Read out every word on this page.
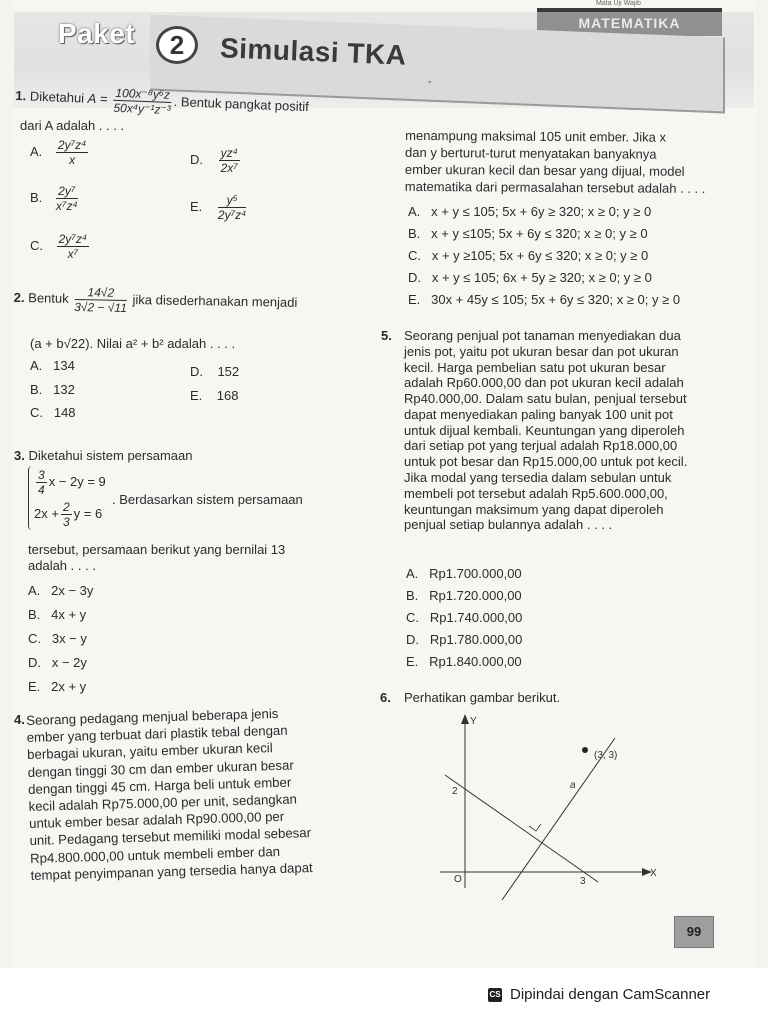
Mata Uji Wajib
Paket	2	Simulasi TKA
”
1. Diketahui $A = \frac{\text{100x⁻⁸y⁶z}}{\text{50x⁴y⁻¹z⁻³}}$ . Bentuk pangkat positif
dari A adalah . . . .
A. $\frac{\text{2y⁷z⁴}}{x}$	D. $\frac{\text{yz⁴}}{\text{2x⁷}}$
B. $\frac{\text{2y⁷}}{\text{x⁷z⁴}}$	E. $\frac{\text{y⁵}}{\text{2y⁷z⁴}}$
C. $\frac{\text{2y⁷z⁴}}{\text{x⁷}}$
2. Bentuk $\frac{14√2}{3√2 - √11}$ jika disederhanakan menjadi
(a + b√22). Nilai a² + b² adalah . . . .
A. 134	D. 152
B. 132	E. 168
C. 148
3. Diketahui sistem persamaan
$\frac{3}{4}$ x − 2y = 9
$2x + \frac{2}{3}$ y = 6
. Berdasarkan sistem persamaan
tersebut, persamaan berikut yang bernilai 13
adalah . . . .
A. 2x − 3y
B. 4x + y
C. 3x − y
D. x − 2y
E. 2x + y
4. Seorang pedagang menjual beberapa jenis
ember yang terbuat dari plastik tebal dengan
berbagai ukuran, yaitu ember ukuran kecil
dengan tinggi 30 cm dan ember ukuran besar
dengan tinggi 45 cm. Harga beli untuk ember
kecil adalah Rp75.000,00 per unit, sedangkan
untuk ember besar adalah Rp90.000,00 per
unit. Pedagang tersebut memiliki modal sebesar
Rp4.800.000,00 untuk membeli ember dan
tempat penyimpanan yang tersedia hanya dapat
menampung maksimal 105 unit ember. Jika x
dan y berturut-turut menyatakan banyaknya
ember ukuran kecil dan besar yang dijual, model
matematika dari permasalahan tersebut adalah . . . .
A. x + y ≤ 105; 5x + 6y ≥ 320; x ≥ 0; y ≥ 0
B. x + y ≤105; 5x + 6y ≤ 320; x ≥ 0; y ≥ 0
C. x + y ≥105; 5x + 6y ≤ 320; x ≥ 0; y ≥ 0
D. x + y ≤ 105; 6x + 5y ≥ 320; x ≥ 0; y ≥ 0
E. 30x + 45y ≤ 105; 5x + 6y ≤ 320; x ≥ 0; y ≥ 0
5. Seorang penjual pot tanaman menyediakan dua
jenis pot, yaitu pot ukuran besar dan pot ukuran
kecil. Harga pembelian satu pot ukuran besar
adalah Rp60.000,00 dan pot ukuran kecil adalah
Rp40.000,00. Dalam satu bulan, penjual tersebut
dapat menyediakan paling banyak 100 unit pot
untuk dijual kembali. Keuntungan yang diperoleh
dari setiap pot yang terjual adalah Rp18.000,00
untuk pot besar dan Rp15.000,00 untuk pot kecil.
Jika modal yang tersedia dalam sebulan untuk
membeli pot tersebut adalah Rp5.600.000,00,
keuntungan maksimum yang dapat diperoleh
penjual setiap bulannya adalah . . . .
A. Rp1.700.000,00
B. Rp1.720.000,00
C. Rp1.740.000,00
D. Rp1.780.000,00
E. Rp1.840.000,00
6. Perhatikan gambar berikut.
Y
X
O
2
3
(3, 3)
a
99
CS Dipindai dengan CamScanner
